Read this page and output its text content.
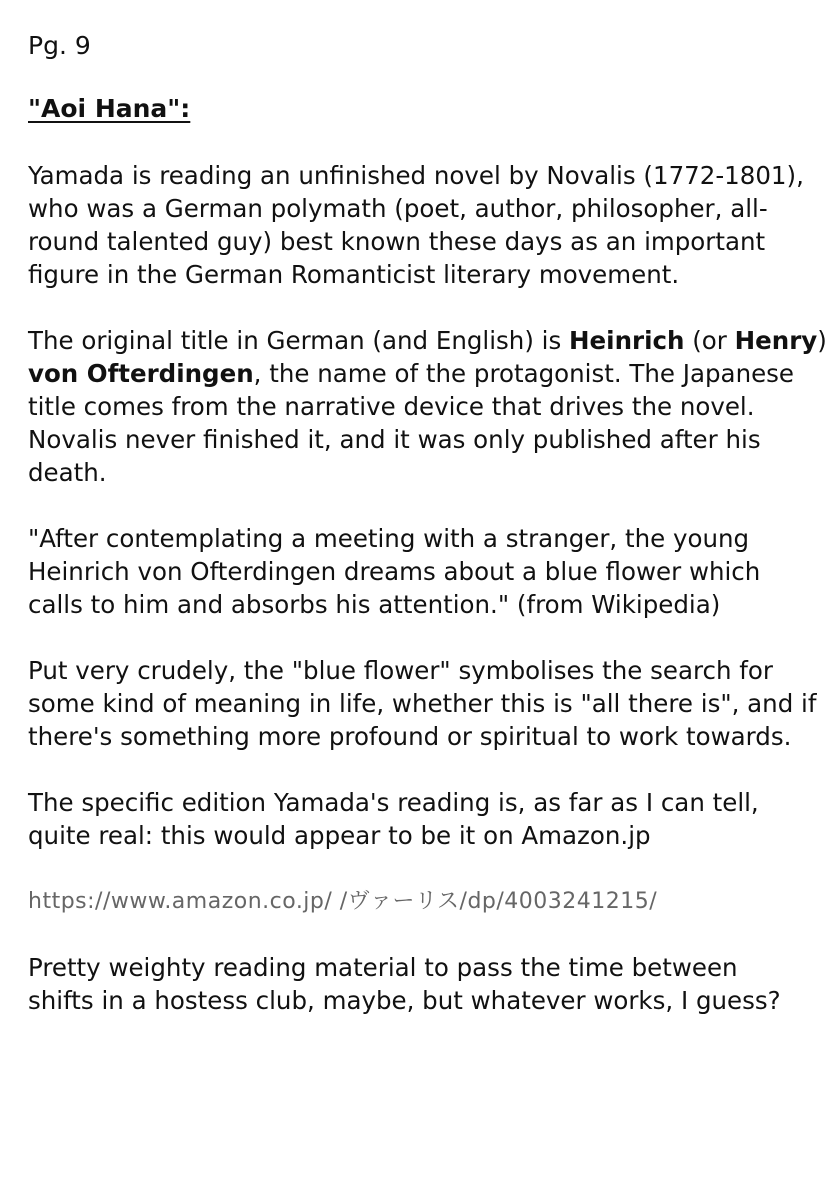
Pg. 9

"Aoi Hana":

Yamada is reading an unfinished novel by Novalis (1772-1801),

who was a German polymath (poet, author, philosopher, all-

round talented guy) best known these days as an important

figure in the German Romanticist literary movement.

The original title in German (and English) is Heinrich (or Henry)

von Ofterdingen, the name of the protagonist. The Japanese

title comes from the narrative device that drives the novel.

Novalis never finished it, and it was only published after his

death.

"After contemplating a meeting with a stranger, the young

Heinrich von Ofterdingen dreams about a blue flower which

calls to him and absorbs his attention." (from Wikipedia)

Put very crudely, the "blue flower" symbolises the search for

some kind of meaning in life, whether this is "all there is", and if

there's something more profound or spiritual to work towards.

The specific edition Yamada's reading is, as far as I can tell,

quite real: this would appear to be it on Amazon.jp

https://www.amazon.co.jp/ /ヴァーリス/dp/4003241215/

Pretty weighty reading material to pass the time between

shifts in a hostess club, maybe, but whatever works, I guess?
